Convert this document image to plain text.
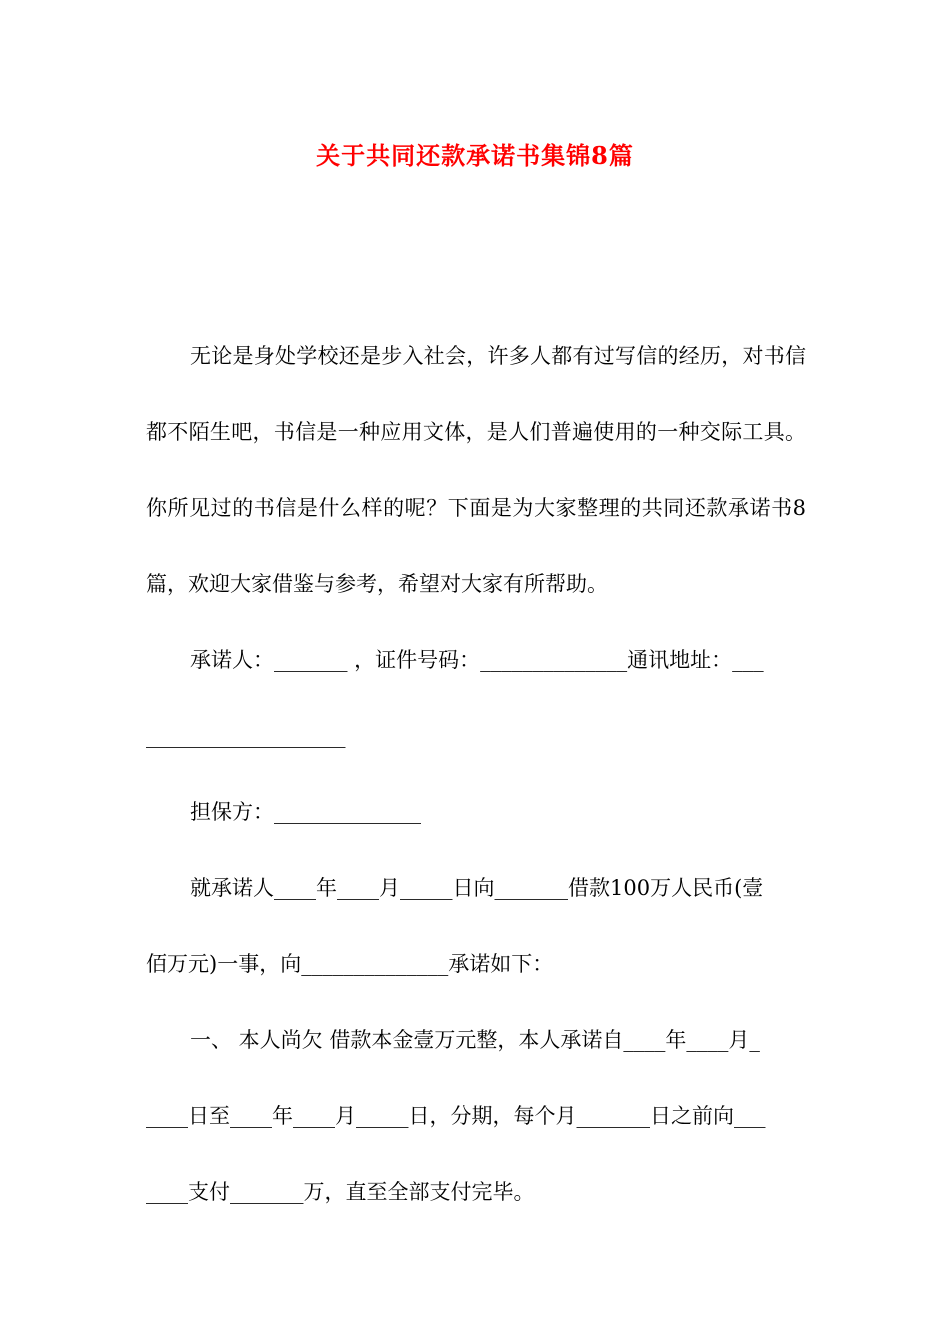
关于共同还款承诺书集锦8篇

无论是身处学校还是步入社会，许多人都有过写信的经历，对书信都不陌生吧，书信是一种应用文体，是人们普遍使用的一种交际工具。你所见过的书信是什么样的呢？下面是为大家整理的共同还款承诺书8篇，欢迎大家借鉴与参考，希望对大家有所帮助。

承诺人：_______ ，证件号码：______________通讯地址：___

___________________

担保方：______________

就承诺人____年____月_____日向_______借款100万人民币(壹

佰万元)一事，向______________承诺如下：

一、 本人尚欠 借款本金壹万元整，本人承诺自____年____月_

____日至____年____月_____日，分期，每个月_______日之前向___

____支付_______万，直至全部支付完毕。
